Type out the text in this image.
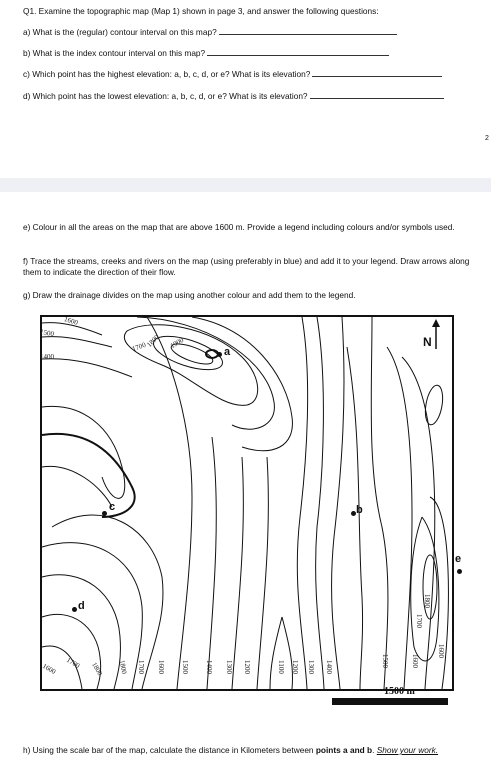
Q1. Examine the topographic map (Map 1) shown in page 3, and answer the following questions:
a) What is the (regular) contour interval on this map?
b) What is the index contour interval on this map?
c) Which point has the highest elevation: a, b, c, d, or e? What is its elevation?
d) Which point has the lowest elevation: a, b, c, d, or e? What is its elevation?
2
e) Colour in all the areas on the map that are above 1600 m. Provide a legend including colours and/or symbols used.
f) Trace the streams, creeks and rivers on the map (using preferably in blue) and add it to your legend. Draw arrows along them to indicate the direction of their flow.
g) Draw the drainage divides on the map using another colour and add them to the legend.
1600
1500
1400
1900
1800
1700
1600 1700 1800 1800 1700 1600 1500 1400 1300 1200	1100 1200 1300 1400	1500	1600
1700
1800
1600
N
a
b
c
d
e
1500 m
h) Using the scale bar of the map, calculate the distance in Kilometers between points a and b. Show your work.
